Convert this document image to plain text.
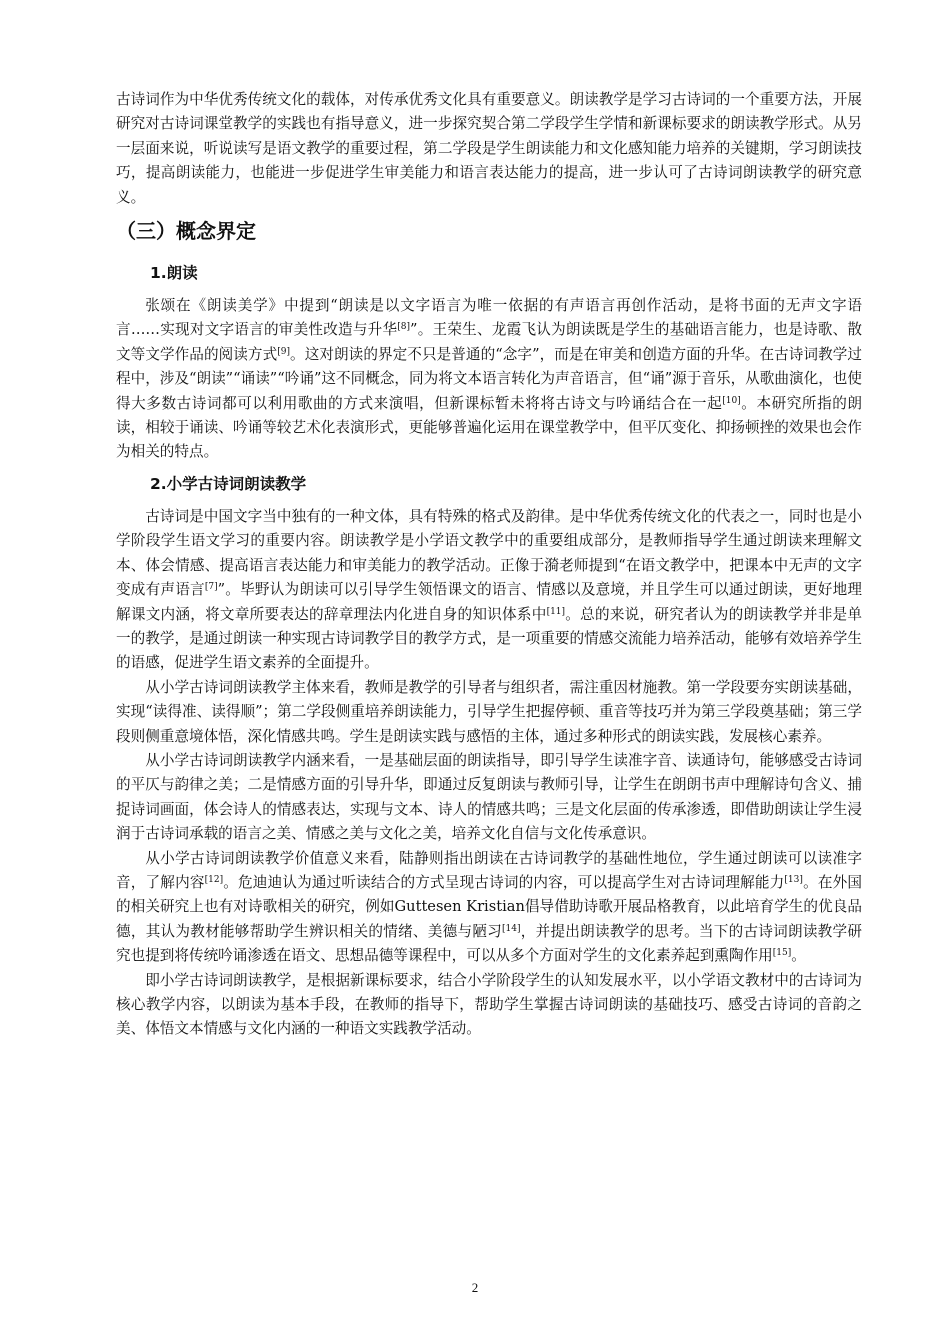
古诗词作为中华优秀传统文化的载体，对传承优秀文化具有重要意义。朗读教学是学习古诗词的一个重要方法，开展研究对古诗词课堂教学的实践也有指导意义，进一步探究契合第二学段学生学情和新课标要求的朗读教学形式。从另一层面来说，听说读写是语文教学的重要过程，第二学段是学生朗读能力和文化感知能力培养的关键期，学习朗读技巧，提高朗读能力，也能进一步促进学生审美能力和语言表达能力的提高，进一步认可了古诗词朗读教学的研究意义。

（三）概念界定
1.朗读

张颂在《朗读美学》中提到“朗读是以文字语言为唯一依据的有声语言再创作活动，是将书面的无声文字语言……实现对文字语言的审美性改造与升华[8]”。王荣生、龙霞飞认为朗读既是学生的基础语言能力，也是诗歌、散文等文学作品的阅读方式[9]。这对朗读的界定不只是普通的“念字”，而是在审美和创造方面的升华。在古诗词教学过程中，涉及“朗读”“诵读”“吟诵”这不同概念，同为将文本语言转化为声音语言，但“诵”源于音乐，从歌曲演化，也使得大多数古诗词都可以利用歌曲的方式来演唱，但新课标暂未将将古诗文与吟诵结合在一起[10]。本研究所指的朗读，相较于诵读、吟诵等较艺术化表演形式，更能够普遍化运用在课堂教学中，但平仄变化、抑扬顿挫的效果也会作为相关的特点。

2.小学古诗词朗读教学

古诗词是中国文字当中独有的一种文体，具有特殊的格式及韵律。是中华优秀传统文化的代表之一，同时也是小学阶段学生语文学习的重要内容。朗读教学是小学语文教学中的重要组成部分，是教师指导学生通过朗读来理解文本、体会情感、提高语言表达能力和审美能力的教学活动。正像于漪老师提到“在语文教学中，把课本中无声的文字变成有声语言[7]”。毕野认为朗读可以引导学生领悟课文的语言、情感以及意境，并且学生可以通过朗读，更好地理解课文内涵，将文章所要表达的辞章理法内化进自身的知识体系中[11]。总的来说，研究者认为的朗读教学并非是单一的教学，是通过朗读一种实现古诗词教学目的教学方式，是一项重要的情感交流能力培养活动，能够有效培养学生的语感，促进学生语文素养的全面提升。

从小学古诗词朗读教学主体来看，教师是教学的引导者与组织者，需注重因材施教。第一学段要夯实朗读基础，实现“读得准、读得顺”；第二学段侧重培养朗读能力，引导学生把握停顿、重音等技巧并为第三学段奠基础；第三学段则侧重意境体悟，深化情感共鸣。学生是朗读实践与感悟的主体，通过多种形式的朗读实践，发展核心素养。

从小学古诗词朗读教学内涵来看，一是基础层面的朗读指导，即引导学生读准字音、读通诗句，能够感受古诗词的平仄与韵律之美；二是情感方面的引导升华，即通过反复朗读与教师引导，让学生在朗朗书声中理解诗句含义、捕捉诗词画面，体会诗人的情感表达，实现与文本、诗人的情感共鸣；三是文化层面的传承渗透，即借助朗读让学生浸润于古诗词承载的语言之美、情感之美与文化之美，培养文化自信与文化传承意识。

从小学古诗词朗读教学价值意义来看，陆静则指出朗读在古诗词教学的基础性地位，学生通过朗读可以读准字音，了解内容[12]。危迪迪认为通过听读结合的方式呈现古诗词的内容，可以提高学生对古诗词理解能力[13]。在外国的相关研究上也有对诗歌相关的研究，例如Guttesen Kristian倡导借助诗歌开展品格教育，以此培育学生的优良品德，其认为教材能够帮助学生辨识相关的情绪、美德与陋习[14]，并提出朗读教学的思考。当下的古诗词朗读教学研究也提到将传统吟诵渗透在语文、思想品德等课程中，可以从多个方面对学生的文化素养起到熏陶作用[15]。

即小学古诗词朗读教学，是根据新课标要求，结合小学阶段学生的认知发展水平，以小学语文教材中的古诗词为核心教学内容，以朗读为基本手段，在教师的指导下，帮助学生掌握古诗词朗读的基础技巧、感受古诗词的音韵之美、体悟文本情感与文化内涵的一种语文实践教学活动。

2
